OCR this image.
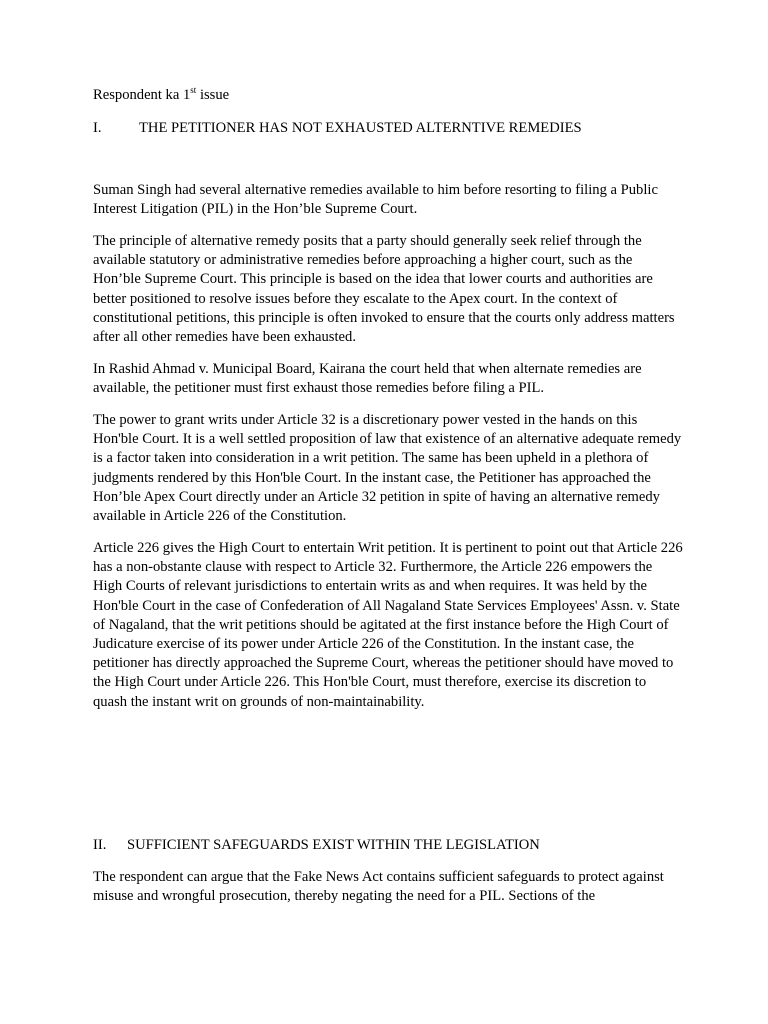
Respondent ka 1st issue
I.	THE PETITIONER HAS NOT EXHAUSTED ALTERNTIVE REMEDIES

Suman Singh had several alternative remedies available to him before resorting to filing a Public Interest Litigation (PIL) in the Hon’ble Supreme Court.

The principle of alternative remedy posits that a party should generally seek relief through the available statutory or administrative remedies before approaching a higher court, such as the Hon’ble Supreme Court. This principle is based on the idea that lower courts and authorities are better positioned to resolve issues before they escalate to the Apex court. In the context of constitutional petitions, this principle is often invoked to ensure that the courts only address matters after all other remedies have been exhausted.

In Rashid Ahmad v. Municipal Board, Kairana the court held that when alternate remedies are available, the petitioner must first exhaust those remedies before filing a PIL.

The power to grant writs under Article 32 is a discretionary power vested in the hands on this Hon'ble Court. It is a well settled proposition of law that existence of an alternative adequate remedy is a factor taken into consideration in a writ petition. The same has been upheld in a plethora of judgments rendered by this Hon'ble Court. In the instant case, the Petitioner has approached the Hon’ble Apex Court directly under an Article 32 petition in spite of having an alternative remedy available in Article 226 of the Constitution.

Article 226 gives the High Court to entertain Writ petition. It is pertinent to point out that Article 226 has a non-obstante clause with respect to Article 32. Furthermore, the Article 226 empowers the High Courts of relevant jurisdictions to entertain writs as and when requires. It was held by the Hon'ble Court in the case of Confederation of All Nagaland State Services Employees' Assn. v. State of Nagaland, that the writ petitions should be agitated at the first instance before the High Court of Judicature exercise of its power under Article 226 of the Constitution. In the instant case, the petitioner has directly approached the Supreme Court, whereas the petitioner should have moved to the High Court under Article 226. This Hon'ble Court, must therefore, exercise its discretion to quash the instant writ on grounds of non-maintainability.

II. SUFFICIENT SAFEGUARDS EXIST WITHIN THE LEGISLATION

The respondent can argue that the Fake News Act contains sufficient safeguards to protect against misuse and wrongful prosecution, thereby negating the need for a PIL. Sections of the
